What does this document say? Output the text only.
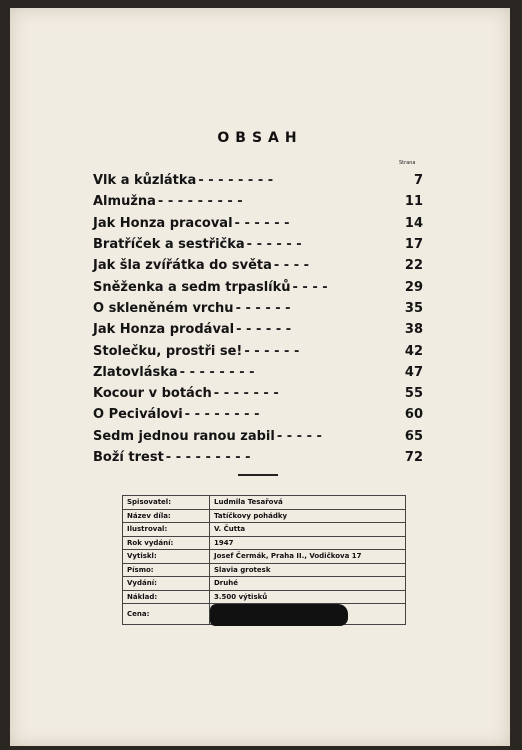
OBSAH
Strana
Vlk a kůzlátka - - - - - - - -	7
Almužna - - - - - - - - -	11
Jak Honza pracoval - - - - - -	14
Bratříček a sestřička - - - - - -	17
Jak šla zvířátka do světa - - - -	22
Sněženka a sedm trpaslíků - - - -	29
O skleněném vrchu - - - - - -	35
Jak Honza prodával - - - - - -	38
Stolečku, prostři se! - - - - - -	42
Zlatovláska - - - - - - - -	47
Kocour v botách - - - - - - -	55
O Peciválovi - - - - - - - -	60
Sedm jednou ranou zabil - - - - -	65
Boží trest - - - - - - - - -	72
Spisovatel:	Ludmila Tesařová
Název díla:	Tatíčkovy pohádky
Ilustroval:	V. Čutta
Rok vydání:	1947
Vytiskl:	Josef Čermák, Praha II., Vodičkova 17
Písmo:	Slavia grotesk
Vydání:	Druhé
Náklad:	3.500 výtisků
Cena:	
